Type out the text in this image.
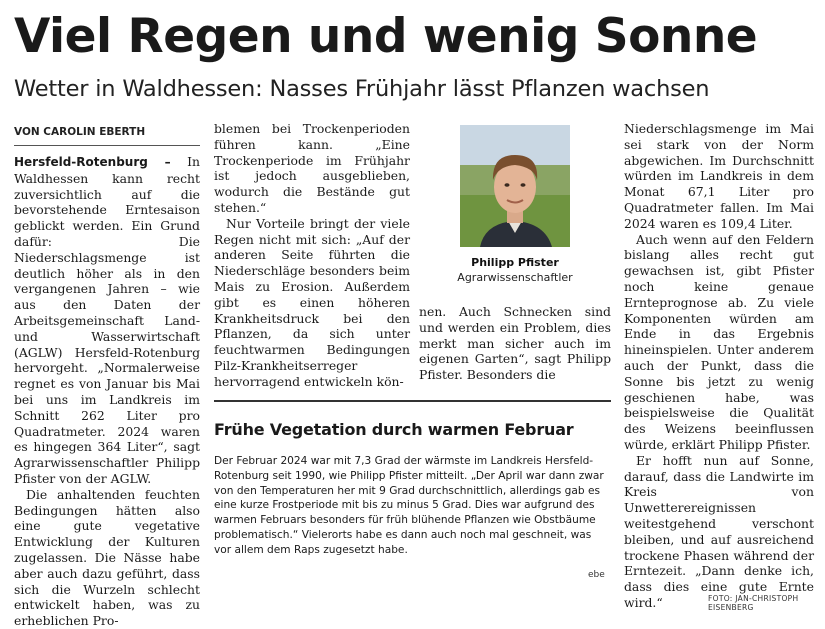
Viel Regen und wenig Sonne
Wetter in Waldhessen: Nasses Frühjahr lässt Pflanzen wachsen
VON CAROLIN EBERTH

Hersfeld-Rotenburg – In Waldhessen kann recht zuversichtlich auf die bevorstehende Erntesaison geblickt werden. Ein Grund dafür: Die Niederschlagsmenge ist deutlich höher als in den vergangenen Jahren – wie aus den Daten der Arbeitsgemeinschaft Land- und Wasserwirtschaft (AGLW) Hersfeld-Rotenburg hervorgeht. „Normalerweise regnet es von Januar bis Mai bei uns im Landkreis im Schnitt 262 Liter pro Quadratmeter. 2024 waren es hingegen 364 Liter“, sagt Agrarwissenschaftler Philipp Pfister von der AGLW.

Die anhaltenden feuchten Bedingungen hätten also eine gute vegetative Entwicklung der Kulturen zugelassen. Die Nässe habe aber auch dazu geführt, dass sich die Wurzeln schlecht entwickelt haben, was zu erheblichen Pro-

blemen bei Trockenperioden führen kann. „Eine Trockenperiode im Frühjahr ist jedoch ausgeblieben, wodurch die Bestände gut stehen.“

Nur Vorteile bringt der viele Regen nicht mit sich: „Auf der anderen Seite führten die Niederschläge besonders beim Mais zu Erosion. Außerdem gibt es einen höheren Krankheitsdruck bei den Pflanzen, da sich unter feuchtwarmen Bedingungen Pilz-Krankheitserreger hervorragend entwickeln kön-

Philipp Pfister
Agrarwissenschaftler

nen. Auch Schnecken sind und werden ein Problem, dies merkt man sicher auch im eigenen Garten“, sagt Philipp Pfister. Besonders die

Niederschlagsmenge im Mai sei stark von der Norm abgewichen. Im Durchschnitt würden im Landkreis in dem Monat 67,1 Liter pro Quadratmeter fallen. Im Mai 2024 waren es 109,4 Liter.

Auch wenn auf den Feldern bislang alles recht gut gewachsen ist, gibt Pfister noch keine genaue Ernteprognose ab. Zu viele Komponenten würden am Ende in das Ergebnis hineinspielen. Unter anderem auch der Punkt, dass die Sonne bis jetzt zu wenig geschienen habe, was beispielsweise die Qualität des Weizens beeinflussen würde, erklärt Philipp Pfister.

Er hofft nun auf Sonne, darauf, dass die Landwirte im Kreis von Unwetterereignissen weitestgehend verschont bleiben, und auf ausreichend trockene Phasen während der Erntezeit. „Dann denke ich, dass dies eine gute Ernte wird.“

Frühe Vegetation durch warmen Februar

Der Februar 2024 war mit 7,3 Grad der wärmste im Landkreis Hersfeld-Rotenburg seit 1990, wie Philipp Pfister mitteilt. „Der April war dann zwar von den Temperaturen her mit 9 Grad durchschnittlich, allerdings gab es eine kurze Frostperiode mit bis zu minus 5 Grad. Dies war aufgrund des warmen Februars besonders für früh blühende Pflanzen wie Obstbäume problematisch.“ Vielerorts habe es dann auch noch mal geschneit, was vor allem dem Raps zugesetzt habe.

ebe
FOTO: JAN-CHRISTOPH EISENBERG
